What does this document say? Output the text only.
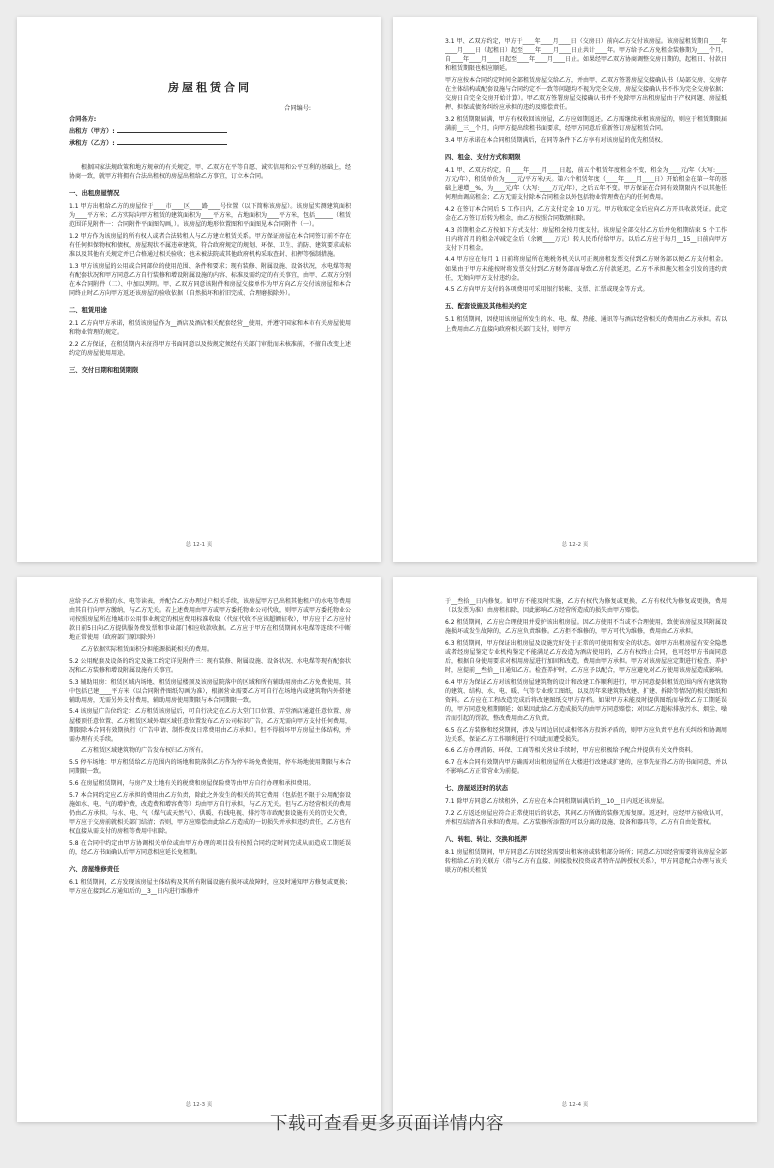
房屋租赁合同
合同编号:
合同各方:
出租方（甲方）:
承租方（乙方）:

根据国家法规政策和地方规章的有关规定，甲、乙双方在平等自愿、诚实信用和公平互利的基础上，经协商一致，就甲方将拥有合法出租权的房屋出租给乙方事宜，订立本合同。

一、出租房屋情况

1.1 甲方出租给乙方的房屋位于____市____区____路____号位置（以下简称该房屋）。该房屋实测建筑面积为____平方米；乙方实际向甲方租赁的建筑面积为____平方米，占地面积为____平方米，包括______（租赁范围详见附件一：合同附件平面图勾画，）。该房屋的地形位置图和平面图见本合同附件（一）。

1.2 甲方作为该房屋的所有权人或者合法转租人与乙方建立租赁关系。甲方保证房屋在本合同签订前不存在有任何担保物权和债权，房屋现状不属违章建筑，符合政府规定的规划、环保、卫生、消防、建筑要求或标准以及其他有关规定并已合格通过相关验收；也未被法院或其他政府机构采取查封、扣押等强制措施。

1.3 甲方该房屋的公用或合同部位的使用范围、条件和要求；现有装修、附属设施、设备状况，水电煤等现有配套状况和甲方同意乙方自行装修和增设附属设施的内容、标准及需约定的有关事宜，由甲、乙双方分别在本合同附件（二）、中加以列明。甲、乙双方同意该附件和房屋交接单作为甲方向乙方交付该房屋和本合同终止时乙方向甲方返还该房屋的验收依据（自然损坏和折旧完成、合理磨损除外）。

二、租赁用途

2.1 乙方向甲方承诺，租赁该房屋作为__酒店及酒店相关配套经营__使用，并遵守国家和本市有关房屋使用和物业管理的规定。

2.2 乙方保证，在租赁期内未征得甲方书面同意以及按规定须经有关部门审批而未核准前，不擅自改变上述约定的房屋使用用途。

三、交付日期和租赁期限
总 12-1 页

3.1 甲、乙双方约定，甲方于____年____月____日（交房日）前向乙方交付该房屋。该房屋租赁期自____年____月____日（起租日）起至____年____月____日止共计____年。甲方给予乙方免租金装修期为____个月，自____年____月____日起至____年____月____日止。如果经甲乙双方协商调整交房日期的，起租日、付款日和租赁期限也相应顺延。

甲方应按本合同约定时间全部租赁房屋交给乙方，并由甲、乙双方签署房屋交接确认书（局部交房、交房存在主体结构或配套设施与合同约定不一致等问题均不视为完全交房，房屋交接确认书不作为完全交房依据；交房日自完全交房开始计算）。甲乙双方签署房屋交接确认书并不免除甲方出租房屋由于产权问题、房屋抵押、担保或债务纠纷应承担的违约及赔偿责任。

3.2 租赁期限届满，甲方有权收回该房屋，乙方应如期返还。乙方需继续承租该房屋的，则应于租赁期限届满前__三__个月，向甲方提出续租书面要求，经甲方同意后重新签订房屋租赁合同。

3.4 甲方承诺在本合同租赁期满后，在同等条件下乙方享有对该房屋的优先租赁权。

四、租金、支付方式和期限

4.1 甲、乙双方约定，自____年____月____日起，前五个租赁年度租金不变，租金为____元/年（大写:____万元/年），租赁单价为____元/平方米/天。第六个租赁年度（____年____月____日）开始租金在第一年的基础上递增__%，为____元/年（大写:____万元/年），之后五年不变。甲方保证在合同有效期限内不以其他任何理由调高租金；乙方无需支付除本合同租金以外包括物业管理费在内的任何费用。

4.2 在签订本合同后 5 工作日内，乙方支付定金 10 万元。甲方收取定金后应向乙方开具收款凭证。此定金在乙方签订后转为租金，由乙方按照合同数额扣除。

4.3 首期租金乙方按如下方式支付：房屋租金按月度支付。该房屋全部交付乙方后并免租期结束 5 个工作日内将首月的租金冲减定金后（余额____万元）转人民币付给甲方。以后乙方应于每月__15__日前向甲方支付下月租金。

4.4 甲方应在每月 1 日前将房屋所在地税务机关认可正规房租发票交付到乙方财务部以便乙方支付租金。如果由于甲方未能按时将发票交付到乙方财务部而导致乙方付款延迟，乙方不承担拖欠租金引发的违约责任，无须向甲方支付违约金。

4.5 乙方向甲方支付的各项费用可采用银行转帐、支票、汇票或现金等方式。

五、配套设施及其他相关约定

5.1 租赁期间，因使用该房屋所发生的水、电、煤、热能、通讯等与酒店经营相关的费用由乙方承担。若以上费用由乙方直接向政府相关部门支付，则甲方

总 12-2 页

应给予乙方单独的水、电等读表，并配合乙方办理过户相关手续，该房屋甲方已出租其他租户的水电等费用由其自行向甲方缴纳，与乙方无关。若上述费用由甲方或甲方委托物业公司代收，则甲方或甲方委托物业公司按照房屋所在地城市公用事业规定的相应费用标准收取（代征代收不应该超额征收），甲方应于乙方应付款日前5日向乙方提供服务费发票和事业部门相应收款收据。乙方应于甲方在租赁期间水电煤等连续不中断地正常使用（政府部门原因除外）

乙方依据实际租赁面积分担能源损耗相关的费用。

5.2 公用配套及设备的约定及施工约定详见附件三：现有装修、附属设施、设备状况、水电煤等现有配套状况和乙方装修和增设附属设施有关事宜。

5.3 辅助用房：租赁区域内场地、租赁房屋楼顶及该房屋院落中的区域和所有辅助用房由乙方免费使用，其中包括已建____平方米（以合同附件图纸勾画为准），根据营业需要乙方可自行在场地内或建筑物内外搭建辅助用房，无需另外支付费用，辅助用房使用期限与本合同期限一致。

5.4 该房屋广告位约定：乙方租赁该房屋后，可自行决定在乙方大堂门口位置、弄堂酒店通道任意位置、房屋楼顶任意位置、乙方租赁区域外墙区域任意位置发布乙方公司标识广告，乙方无需向甲方支付任何费用，期限除本合同有效期执行（广告申请、制作费及日常费用由乙方承担）。但不得损坏甲方房屋主体结构，并需办理有关手续。

乙方租赁区域建筑物的广告发布权归乙方所有。

5.5 停车场地：甲方租赁给乙方范围内的场地和院落供乙方作为停车场免费使用，停车场地使用期限与本合同期限一致。

5.6 在房屋租赁期间，与房产及土地有关的税费和房屋保险费等由甲方自行办理和承担费用。

5.7 本合同约定应乙方承担的费用由乙方负责，除此之外发生的相关的其它费用（包括但不限于公用配套设施如水、电、气的增护费，改造费和增容费等）均由甲方自行承担，与乙方无关。但与乙方经营相关的费用仍由乙方承担。与水、电、气（煤气或天然气）、供暖、有线电视、排污等市政配套设施有关的历史欠费，甲方应于交房前就相关部门结清；否则，甲方应赔偿由此给乙方造成的一切损失并承担违约责任，乙方也有权直接从需支付的房租等费用中扣除。

5.8 在合同中约定由甲方协调相关单位或由甲方办理的项目没有按照合同约定时间完成从而造成工期延误的，经乙方书面确认后甲方同意相应延长免租期。

六、房屋维修责任

6.1 租赁期间，乙方发现该房屋主体结构及其所有附属设施有损坏或故障时，应及时通知甲方修复或更换；甲方应在接到乙方通知后的__3__日内进行维修并

总 12-3 页

于__叁拾__日内修复。如甲方不能及时实施，乙方有权代为修复或更换，乙方有权代为修复或更换，费用（以发票为准）由房租扣除，因此影响乙方经营所造成的损失由甲方赔偿。

6.2 租赁期间，乙方应合理使用并爱护该出租房屋。因乙方使用不当或不合理使用，致使该房屋及其附属设施损坏或发生故障的，乙方应负责维修。乙方拒不维修的，甲方可代为维修，费用由乙方承担。

6.3 租赁期间，甲方保证出租房屋及设施完好处于正常的可使用和安全的状态。如甲方出租房屋有安全隐患或者经房屋鉴定专业机构鉴定不能满足乙方改造为酒店使用的，乙方有权终止合同，也可经甲方书面同意后，根据自身使用要求对相用房屋进行加固和改造，费用由甲方承担。甲方对该房屋应定期进行检查、养护时，应提前__叁拾__日通知乙方。检查养护时，乙方应予以配合，甲方应避免对乙方使用该房屋造成影响。

6.4 甲方为保证乙方对该租赁房屋建筑物的设计和改建工作顺利进行，甲方同意提供租赁范围内所有建筑物的建筑、结构、水、电、暖、气等专业竣工图纸，以及历年来建筑物改建、扩建、拆除等情况的相关图纸和资料。乙方应在工程改造完成后将改建图纸交甲方存档。如果甲方未能及时提供图纸而导致乙方工期延误的，甲方同意免租期顺延；如果因此给乙方造成损失的由甲方同意赔偿；对因乙方超标排放污水、烟尘、噪音而引起的罚款，整改费用由乙方负责。

6.5 在乙方装修和经营期间，涉及与周边居民或相邻各方投诉矛盾的，则甲方应负责平息有关纠纷和协调周边关系，保证乙方工作顺利进行不因此而遭受损失。

6.6 乙方办理消防、环保、工商等相关营业手续时，甲方应积极给予配合并提供有关文件资料。

6.7 在本合同有效期内甲方确需对出租房屋所在大楼进行改建或扩建的，应事先征得乙方的书面同意，并以不影响乙方正常营业为前提。

七、房屋返还时的状态

7.1 除甲方同意乙方续租外，乙方应在本合同租期届满后的__10__日内返还该房屋。

7.2 乙方返还房屋应符合正常使用后的状态，其间乙方所做的装修无需复原。返还时，应经甲方验收认可，并相互结清各自承担的费用。乙方装修所添置的可以分离的设施、设备和器具等，乙方有自由处置权。

八、转租、转让、交换和抵押

8.1 房屋租赁期间，甲方同意乙方因经营需要出租客房或转租部分场所；同意乙方因经营需要将该房屋全部转租给乙方的关联方（指与乙方有直接、间接股权投资或者特许品牌授权关系），甲方同意配合办理与该关联方的相关租赁

总 12-4 页
下载可查看更多页面详情内容
